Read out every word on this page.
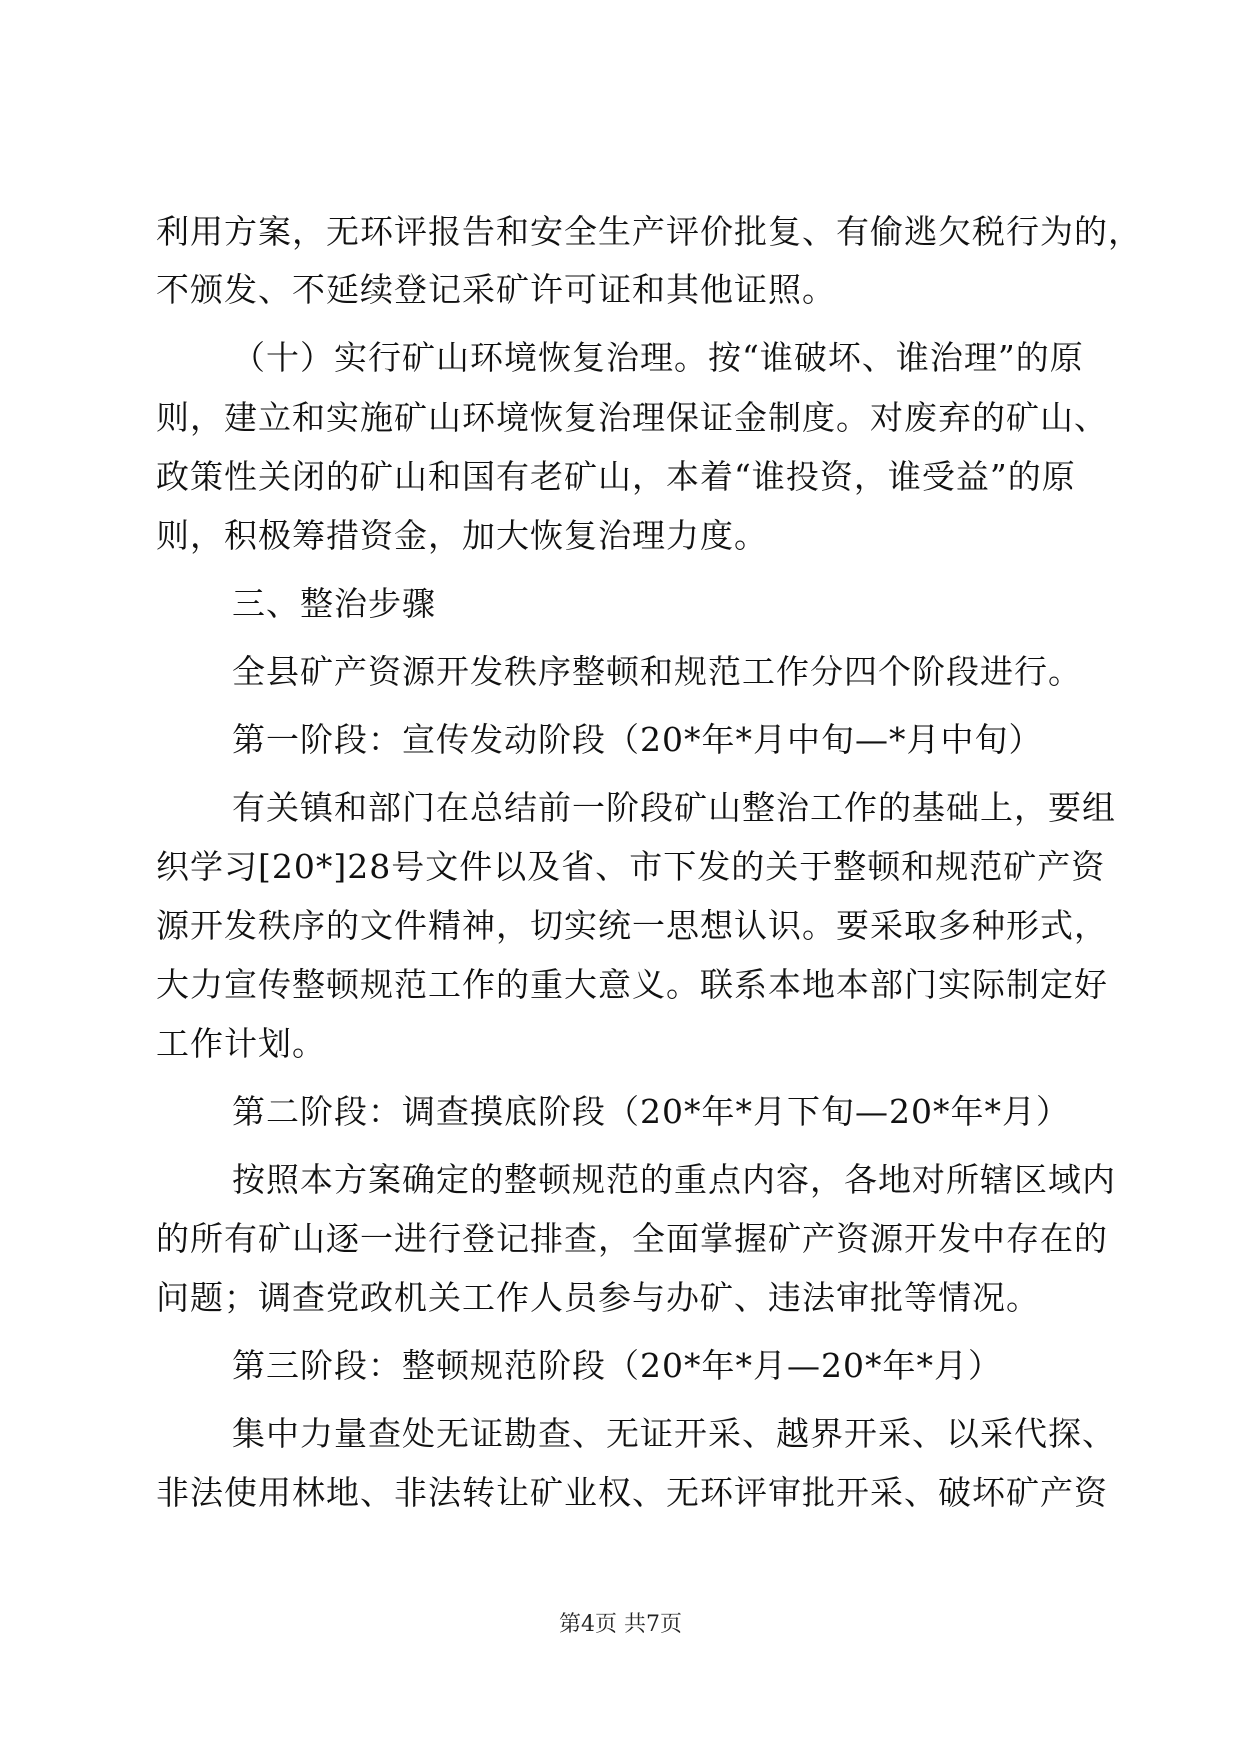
利用方案，无环评报告和安全生产评价批复、有偷逃欠税行为的，
不颁发、不延续登记采矿许可证和其他证照。
（十）实行矿山环境恢复治理。按“谁破坏、谁治理”的原
则，建立和实施矿山环境恢复治理保证金制度。对废弃的矿山、
政策性关闭的矿山和国有老矿山，本着“谁投资，谁受益”的原
则，积极筹措资金，加大恢复治理力度。
三、整治步骤
全县矿产资源开发秩序整顿和规范工作分四个阶段进行。
第一阶段：宣传发动阶段（20*年*月中旬—*月中旬）
有关镇和部门在总结前一阶段矿山整治工作的基础上，要组
织学习[20*]28号文件以及省、市下发的关于整顿和规范矿产资
源开发秩序的文件精神，切实统一思想认识。要采取多种形式，
大力宣传整顿规范工作的重大意义。联系本地本部门实际制定好
工作计划。
第二阶段：调查摸底阶段（20*年*月下旬—20*年*月）
按照本方案确定的整顿规范的重点内容，各地对所辖区域内
的所有矿山逐一进行登记排查，全面掌握矿产资源开发中存在的
问题；调查党政机关工作人员参与办矿、违法审批等情况。
第三阶段：整顿规范阶段（20*年*月—20*年*月）
集中力量查处无证勘查、无证开采、越界开采、以采代探、
非法使用林地、非法转让矿业权、无环评审批开采、破坏矿产资
第4页 共7页
